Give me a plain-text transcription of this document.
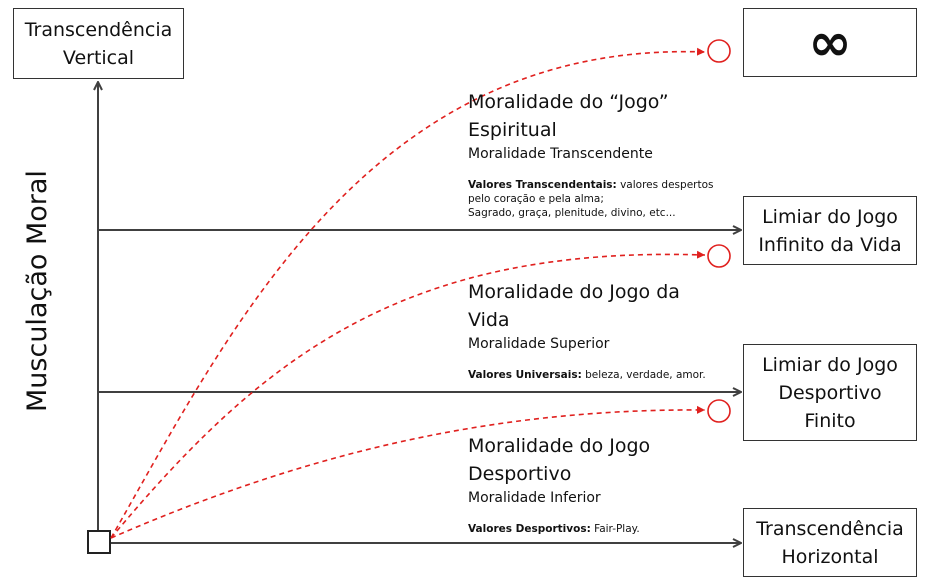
Transcendência
Vertical
Transcendência
Horizontal
∞
Limiar do Jogo
Infinito da Vida
Limiar do Jogo
Desportivo
Finito
Musculação Moral
Moralidade do “Jogo”
Espiritual
Moralidade Transcendente
Valores Transcendentais: valores despertos
pelo coração e pela alma;
Sagrado, graça, plenitude, divino, etc...
Moralidade do Jogo da
Vida
Moralidade Superior
Valores Universais: beleza, verdade, amor.
Moralidade do Jogo
Desportivo
Moralidade Inferior
Valores Desportivos: Fair-Play.
